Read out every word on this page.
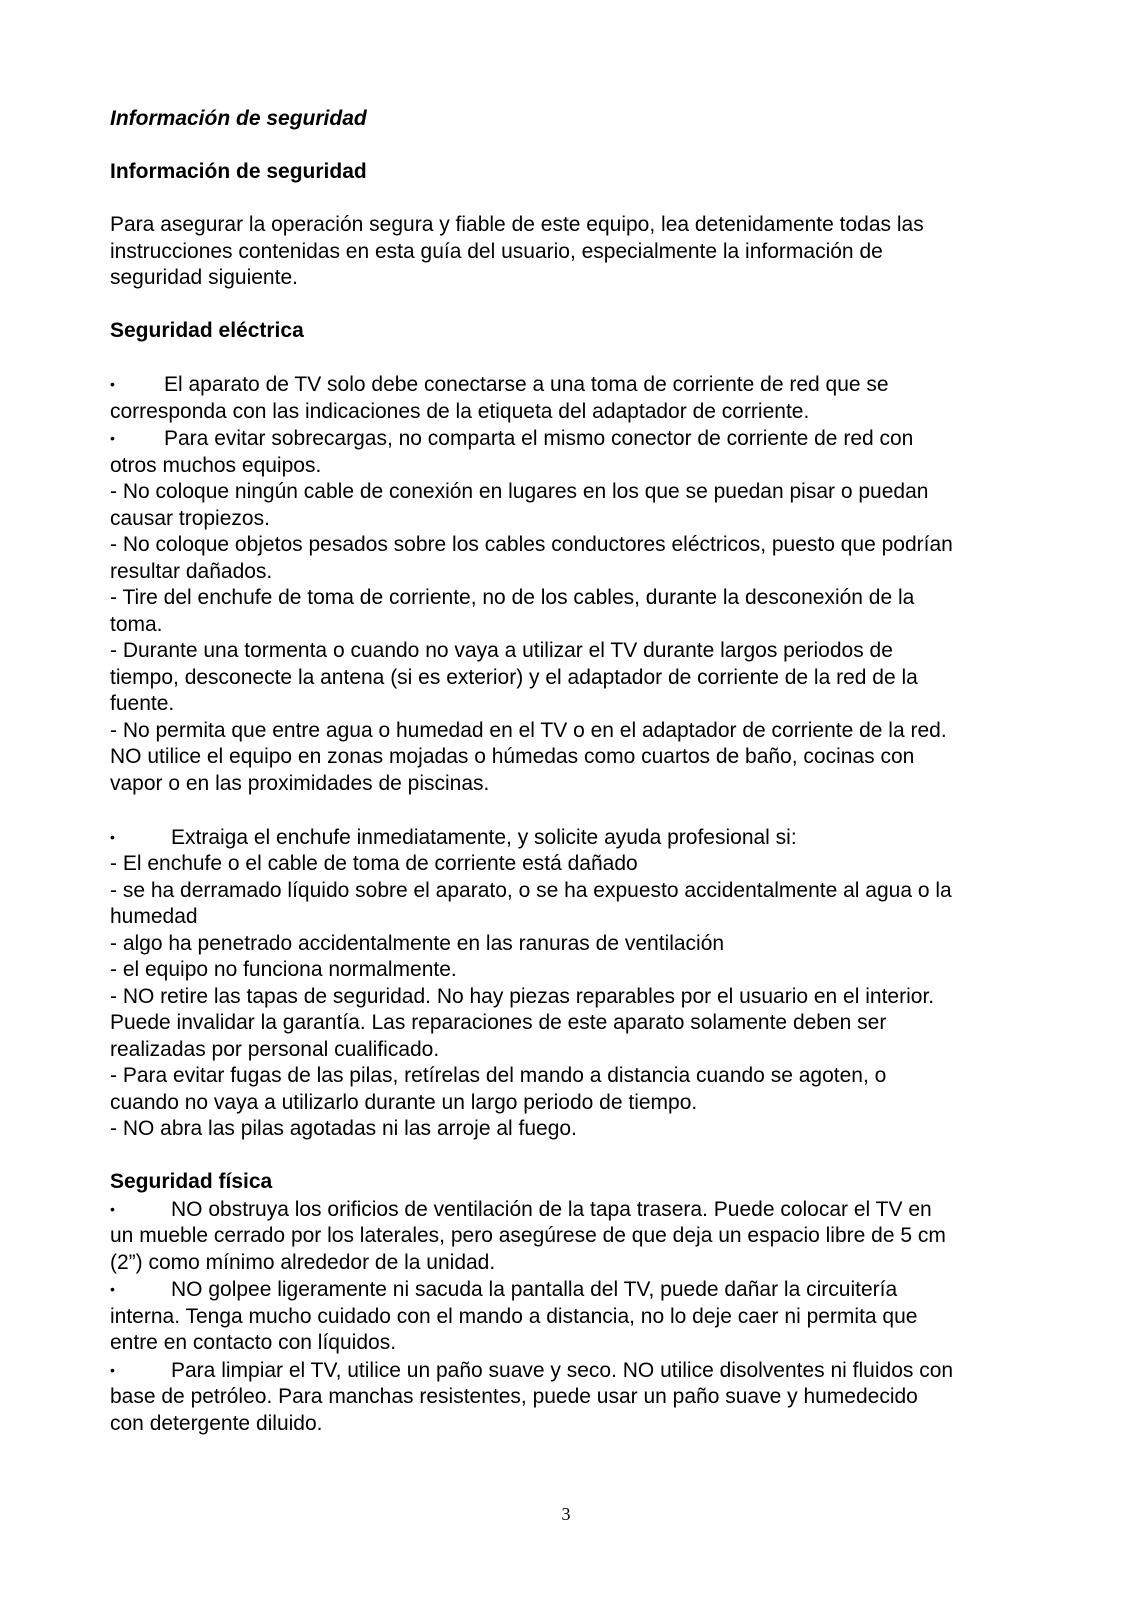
Información de seguridad

Información de seguridad

Para asegurar la operación segura y fiable de este equipo, lea detenidamente todas las
instrucciones contenidas en esta guía del usuario, especialmente la información de
seguridad siguiente.

Seguridad eléctrica

• El aparato de TV solo debe conectarse a una toma de corriente de red que se
corresponda con las indicaciones de la etiqueta del adaptador de corriente.
• Para evitar sobrecargas, no comparta el mismo conector de corriente de red con
otros muchos equipos.
- No coloque ningún cable de conexión en lugares en los que se puedan pisar o puedan
causar tropiezos.
- No coloque objetos pesados sobre los cables conductores eléctricos, puesto que podrían
resultar dañados.
- Tire del enchufe de toma de corriente, no de los cables, durante la desconexión de la
toma.
- Durante una tormenta o cuando no vaya a utilizar el TV durante largos periodos de
tiempo, desconecte la antena (si es exterior) y el adaptador de corriente de la red de la
fuente.
- No permita que entre agua o humedad en el TV o en el adaptador de corriente de la red.
NO utilice el equipo en zonas mojadas o húmedas como cuartos de baño, cocinas con
vapor o en las proximidades de piscinas.
•	Extraiga el enchufe inmediatamente, y solicite ayuda profesional si:
- El enchufe o el cable de toma de corriente está dañado
- se ha derramado líquido sobre el aparato, o se ha expuesto accidentalmente al agua o la
humedad
- algo ha penetrado accidentalmente en las ranuras de ventilación
- el equipo no funciona normalmente.
- NO retire las tapas de seguridad. No hay piezas reparables por el usuario en el interior.
Puede invalidar la garantía. Las reparaciones de este aparato solamente deben ser
realizadas por personal cualificado.
- Para evitar fugas de las pilas, retírelas del mando a distancia cuando se agoten, o
cuando no vaya a utilizarlo durante un largo periodo de tiempo.
- NO abra las pilas agotadas ni las arroje al fuego.

Seguridad física

•	NO obstruya los orificios de ventilación de la tapa trasera. Puede colocar el TV en
un mueble cerrado por los laterales, pero asegúrese de que deja un espacio libre de 5 cm
(2”) como mínimo alrededor de la unidad.
•	NO golpee ligeramente ni sacuda la pantalla del TV, puede dañar la circuitería
interna. Tenga mucho cuidado con el mando a distancia, no lo deje caer ni permita que
entre en contacto con líquidos.
•	Para limpiar el TV, utilice un paño suave y seco. NO utilice disolventes ni fluidos con
base de petróleo. Para manchas resistentes, puede usar un paño suave y humedecido
con detergente diluido.
3
